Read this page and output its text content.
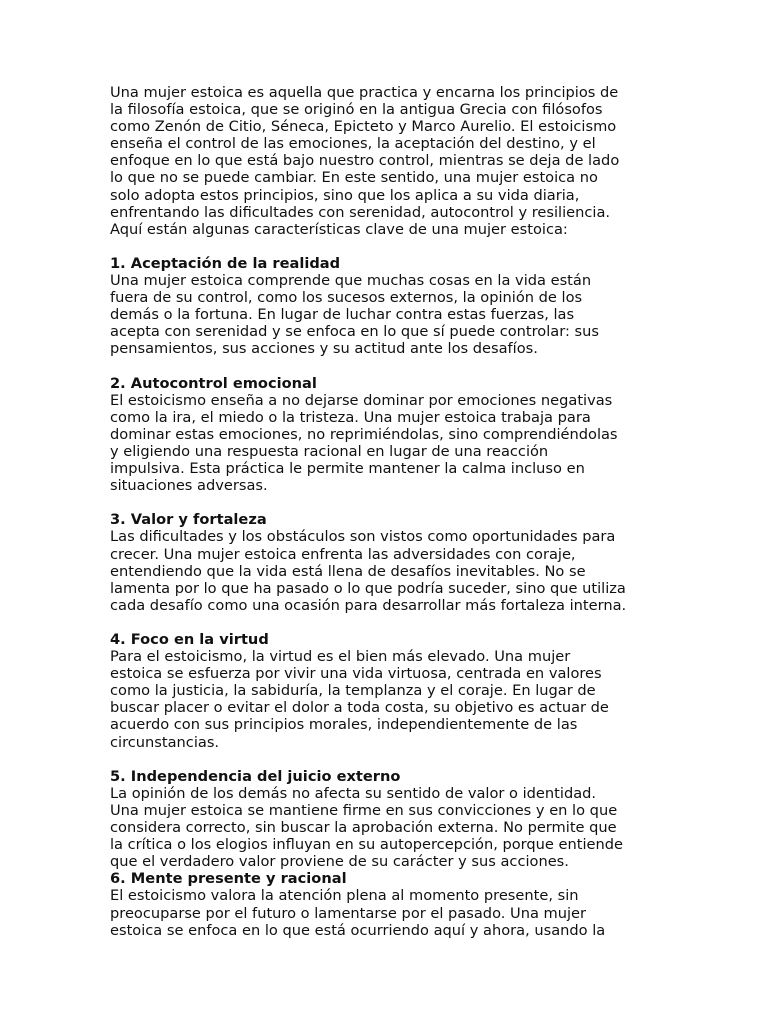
Una mujer estoica es aquella que practica y encarna los principios de
la filosofía estoica, que se originó en la antigua Grecia con filósofos
como Zenón de Citio, Séneca, Epicteto y Marco Aurelio. El estoicismo
enseña el control de las emociones, la aceptación del destino, y el
enfoque en lo que está bajo nuestro control, mientras se deja de lado
lo que no se puede cambiar. En este sentido, una mujer estoica no
solo adopta estos principios, sino que los aplica a su vida diaria,
enfrentando las dificultades con serenidad, autocontrol y resiliencia.
Aquí están algunas características clave de una mujer estoica:
1. Aceptación de la realidad
Una mujer estoica comprende que muchas cosas en la vida están
fuera de su control, como los sucesos externos, la opinión de los
demás o la fortuna. En lugar de luchar contra estas fuerzas, las
acepta con serenidad y se enfoca en lo que sí puede controlar: sus
pensamientos, sus acciones y su actitud ante los desafíos.
2. Autocontrol emocional
El estoicismo enseña a no dejarse dominar por emociones negativas
como la ira, el miedo o la tristeza. Una mujer estoica trabaja para
dominar estas emociones, no reprimiéndolas, sino comprendiéndolas
y eligiendo una respuesta racional en lugar de una reacción
impulsiva. Esta práctica le permite mantener la calma incluso en
situaciones adversas.
3. Valor y fortaleza
Las dificultades y los obstáculos son vistos como oportunidades para
crecer. Una mujer estoica enfrenta las adversidades con coraje,
entendiendo que la vida está llena de desafíos inevitables. No se
lamenta por lo que ha pasado o lo que podría suceder, sino que utiliza
cada desafío como una ocasión para desarrollar más fortaleza interna.
4. Foco en la virtud
Para el estoicismo, la virtud es el bien más elevado. Una mujer
estoica se esfuerza por vivir una vida virtuosa, centrada en valores
como la justicia, la sabiduría, la templanza y el coraje. En lugar de
buscar placer o evitar el dolor a toda costa, su objetivo es actuar de
acuerdo con sus principios morales, independientemente de las
circunstancias.
5. Independencia del juicio externo
La opinión de los demás no afecta su sentido de valor o identidad.
Una mujer estoica se mantiene firme en sus convicciones y en lo que
considera correcto, sin buscar la aprobación externa. No permite que
la crítica o los elogios influyan en su autopercepción, porque entiende
que el verdadero valor proviene de su carácter y sus acciones.
6. Mente presente y racional
El estoicismo valora la atención plena al momento presente, sin
preocuparse por el futuro o lamentarse por el pasado. Una mujer
estoica se enfoca en lo que está ocurriendo aquí y ahora, usando la
